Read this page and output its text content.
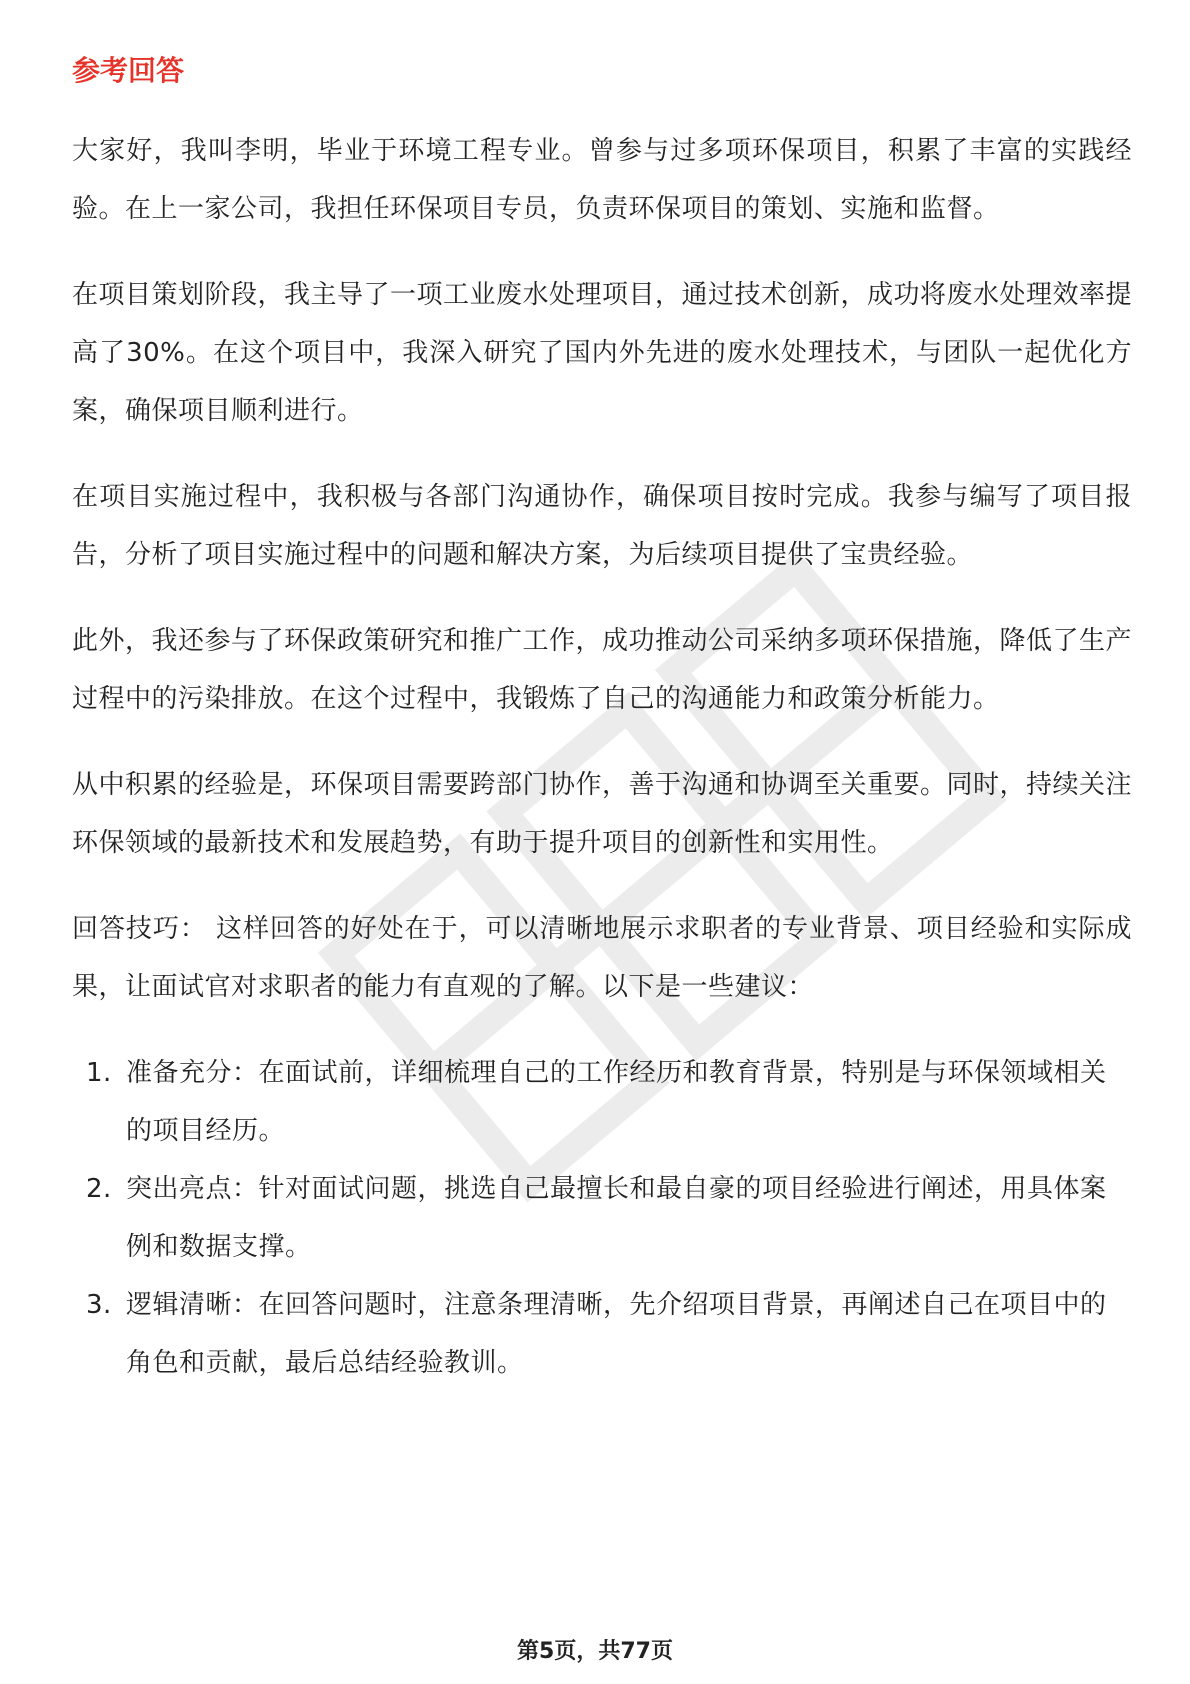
参考回答

大家好，我叫李明，毕业于环境工程专业。曾参与过多项环保项目，积累了丰富的实践经验。在上一家公司，我担任环保项目专员，负责环保项目的策划、实施和监督。

在项目策划阶段，我主导了一项工业废水处理项目，通过技术创新，成功将废水处理效率提高了30%。在这个项目中，我深入研究了国内外先进的废水处理技术，与团队一起优化方案，确保项目顺利进行。

在项目实施过程中，我积极与各部门沟通协作，确保项目按时完成。我参与编写了项目报告，分析了项目实施过程中的问题和解决方案，为后续项目提供了宝贵经验。

此外，我还参与了环保政策研究和推广工作，成功推动公司采纳多项环保措施，降低了生产过程中的污染排放。在这个过程中，我锻炼了自己的沟通能力和政策分析能力。

从中积累的经验是，环保项目需要跨部门协作，善于沟通和协调至关重要。同时，持续关注环保领域的最新技术和发展趋势，有助于提升项目的创新性和实用性。

回答技巧： 这样回答的好处在于，可以清晰地展示求职者的专业背景、项目经验和实际成果，让面试官对求职者的能力有直观的了解。以下是一些建议：

1. 准备充分：在面试前，详细梳理自己的工作经历和教育背景，特别是与环保领域相关的项目经历。
2. 突出亮点：针对面试问题，挑选自己最擅长和最自豪的项目经验进行阐述，用具体案例和数据支撑。
3. 逻辑清晰：在回答问题时，注意条理清晰，先介绍项目背景，再阐述自己在项目中的角色和贡献，最后总结经验教训。
第5页，共77页
